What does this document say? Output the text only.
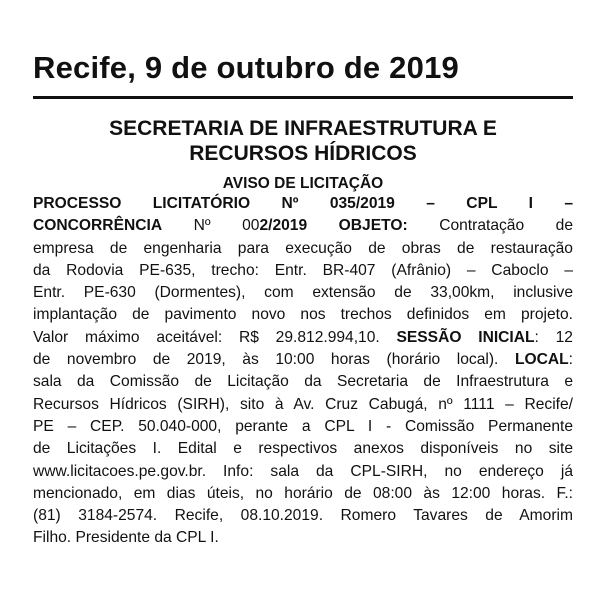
Recife, 9 de outubro de 2019
SECRETARIA DE INFRAESTRUTURA E
RECURSOS HÍDRICOS
AVISO DE LICITAÇÃO
PROCESSO LICITATÓRIO Nº 035/2019 – CPL I –
CONCORRÊNCIA Nº 002/2019 OBJETO: Contratação de
empresa de engenharia para execução de obras de restauração
da Rodovia PE-635, trecho: Entr. BR-407 (Afrânio) – Caboclo –
Entr. PE-630 (Dormentes), com extensão de 33,00km, inclusive
implantação de pavimento novo nos trechos definidos em projeto.
Valor máximo aceitável: R$ 29.812.994,10. SESSÃO INICIAL: 12
de novembro de 2019, às 10:00 horas (horário local). LOCAL:
sala da Comissão de Licitação da Secretaria de Infraestrutura e
Recursos Hídricos (SIRH), sito à Av. Cruz Cabugá, nº 1111 – Recife/
PE – CEP. 50.040-000, perante a CPL I - Comissão Permanente
de Licitações I. Edital e respectivos anexos disponíveis no site
www.licitacoes.pe.gov.br. Info: sala da CPL-SIRH, no endereço já
mencionado, em dias úteis, no horário de 08:00 às 12:00 horas. F.:
(81) 3184-2574. Recife, 08.10.2019. Romero Tavares de Amorim
Filho. Presidente da CPL I.
